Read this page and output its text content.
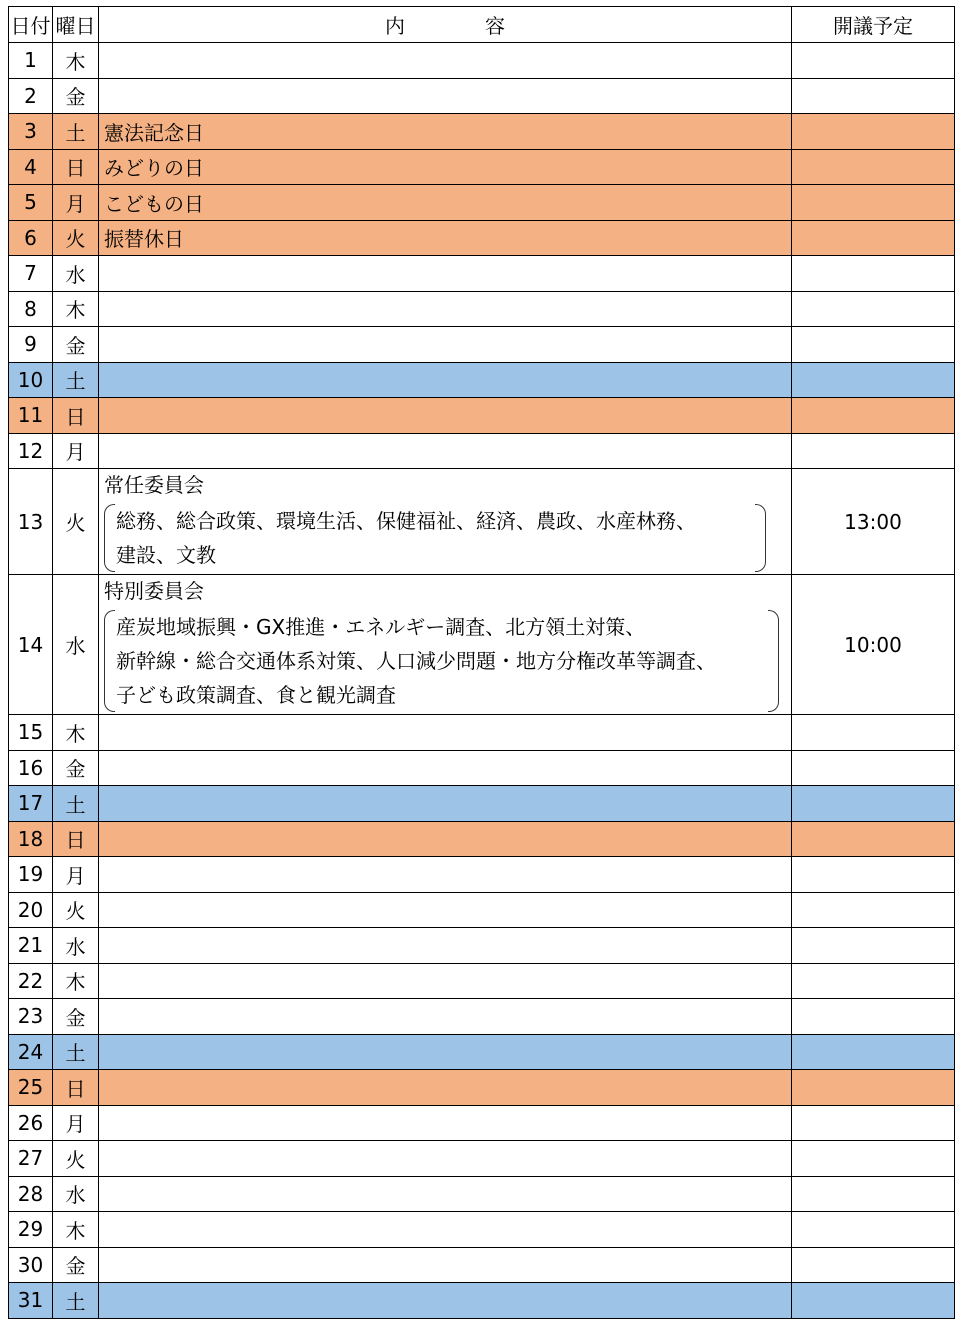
日付	曜日	内　　　　容	開議予定
1	木		
2	金		
3	土	憲法記念日	
4	日	みどりの日	
5	月	こどもの日	
6	火	振替休日	
7	水		
8	木		
9	金		
10	土		
11	日		
12	月		
13	火	常任委員会
総務、総合政策、環境生活、保健福祉、経済、農政、水産林務、
建設、文教	13:00
14	水	特別委員会
産炭地域振興・GX推進・エネルギー調査、北方領土対策、
新幹線・総合交通体系対策、人口減少問題・地方分権改革等調査、
子ども政策調査、食と観光調査	10:00
15	木		
16	金		
17	土		
18	日		
19	月		
20	火		
21	水		
22	木		
23	金		
24	土		
25	日		
26	月		
27	火		
28	水		
29	木		
30	金		
31	土		
